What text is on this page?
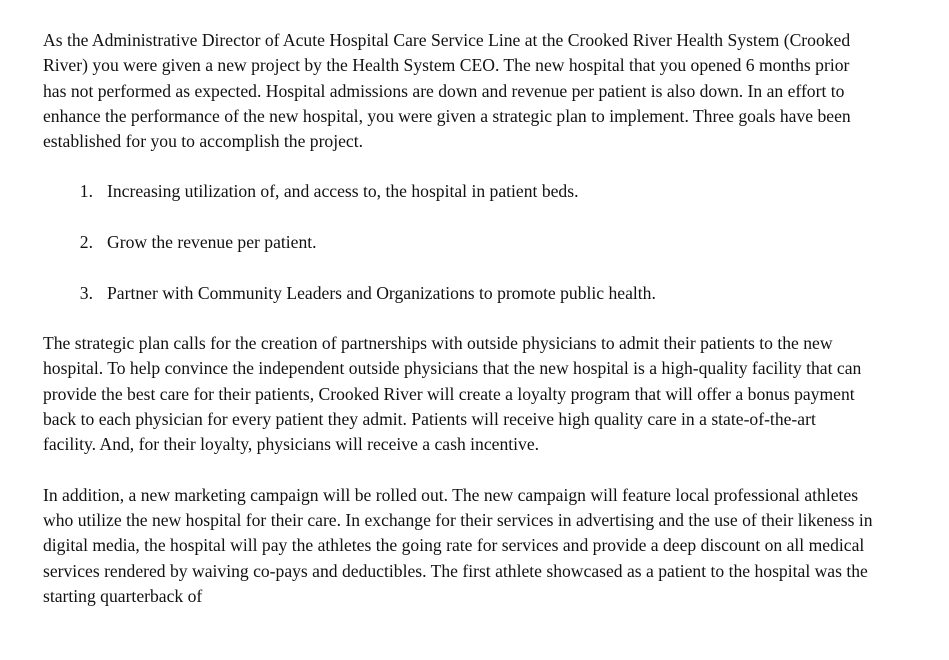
As the Administrative Director of Acute Hospital Care Service Line at the Crooked River Health System (Crooked River) you were given a new project by the Health System CEO. The new hospital that you opened 6 months prior has not performed as expected. Hospital admissions are down and revenue per patient is also down. In an effort to enhance the performance of the new hospital, you were given a strategic plan to implement. Three goals have been established for you to accomplish the project.

1. Increasing utilization of, and access to, the hospital in patient beds.
2. Grow the revenue per patient.
3. Partner with Community Leaders and Organizations to promote public health.

The strategic plan calls for the creation of partnerships with outside physicians to admit their patients to the new hospital. To help convince the independent outside physicians that the new hospital is a high-quality facility that can provide the best care for their patients, Crooked River will create a loyalty program that will offer a bonus payment back to each physician for every patient they admit. Patients will receive high quality care in a state-of-the-art facility. And, for their loyalty, physicians will receive a cash incentive.

In addition, a new marketing campaign will be rolled out. The new campaign will feature local professional athletes who utilize the new hospital for their care. In exchange for their services in advertising and the use of their likeness in digital media, the hospital will pay the athletes the going rate for services and provide a deep discount on all medical services rendered by waiving co-pays and deductibles. The first athlete showcased as a patient to the hospital was the starting quarterback of
